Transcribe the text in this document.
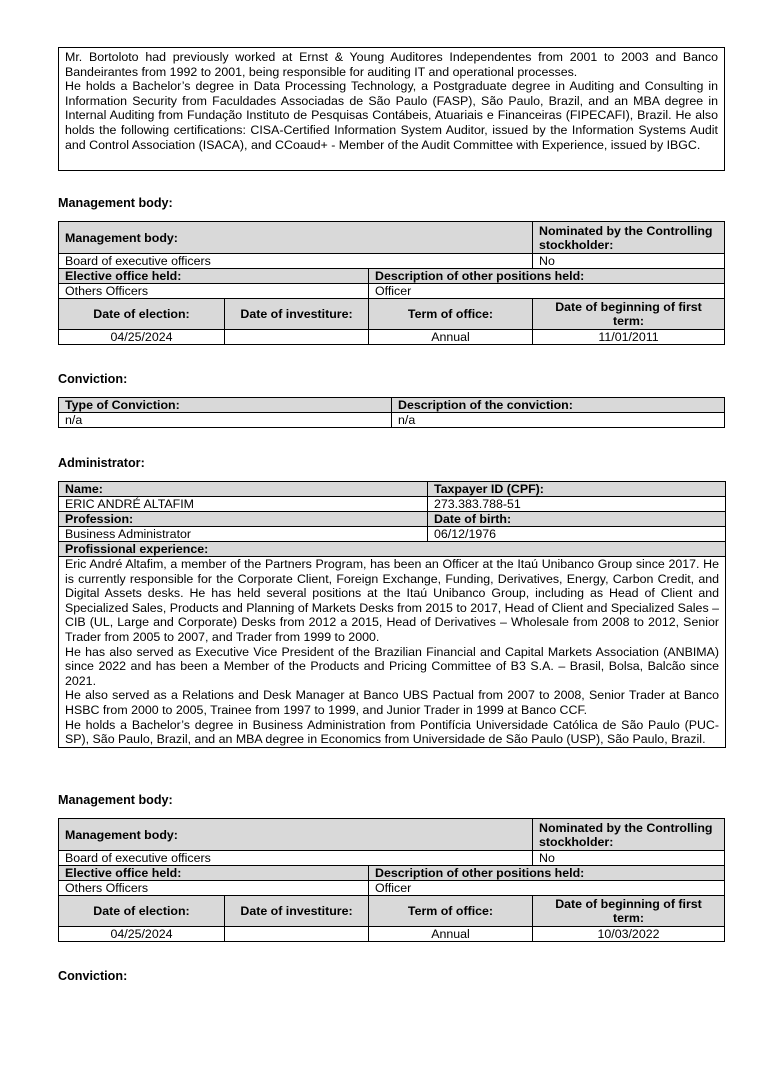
Mr. Bortoloto had previously worked at Ernst & Young Auditores Independentes from 2001 to 2003 and Banco Bandeirantes from 1992 to 2001, being responsible for auditing IT and operational processes.

He holds a Bachelor’s degree in Data Processing Technology, a Postgraduate degree in Auditing and Consulting in Information Security from Faculdades Associadas de São Paulo (FASP), São Paulo, Brazil, and an MBA degree in Internal Auditing from Fundação Instituto de Pesquisas Contábeis, Atuariais e Financeiras (FIPECAFI), Brazil. He also holds the following certifications: CISA-Certified Information System Auditor, issued by the Information Systems Audit and Control Association (ISACA), and CCoaud+ - Member of the Audit Committee with Experience, issued by IBGC.

Management body:
Management body:			Nominated by the Controlling stockholder:
Board of executive officers			No
Elective office held:		Description of other positions held:	
Others Officers		Officer	
Date of election:	Date of investiture:	Term of office:	Date of beginning of first term:
04/25/2024		Annual	11/01/2011
Conviction:
Type of Conviction:	Description of the conviction:
n/a	n/a
Administrator:
Name:	Taxpayer ID (CPF):
ERIC ANDRÉ ALTAFIM	273.383.788-51
Profession:	Date of birth:
Business Administrator	06/12/1976
Profissional experience:	

Eric André Altafim, a member of the Partners Program, has been an Officer at the Itaú Unibanco Group since 2017. He is currently responsible for the Corporate Client, Foreign Exchange, Funding, Derivatives, Energy, Carbon Credit, and Digital Assets desks. He has held several positions at the Itaú Unibanco Group, including as Head of Client and Specialized Sales, Products and Planning of Markets Desks from 2015 to 2017, Head of Client and Specialized Sales – CIB (UL, Large and Corporate) Desks from 2012 a 2015, Head of Derivatives – Wholesale from 2008 to 2012, Senior Trader from 2005 to 2007, and Trader from 1999 to 2000.

He has also served as Executive Vice President of the Brazilian Financial and Capital Markets Association (ANBIMA) since 2022 and has been a Member of the Products and Pricing Committee of B3 S.A. – Brasil, Bolsa, Balcão since 2021.

He also served as a Relations and Desk Manager at Banco UBS Pactual from 2007 to 2008, Senior Trader at Banco HSBC from 2000 to 2005, Trainee from 1997 to 1999, and Junior Trader in 1999 at Banco CCF.

He holds a Bachelor’s degree in Business Administration from Pontifícia Universidade Católica de São Paulo (PUC-SP), São Paulo, Brazil, and an MBA degree in Economics from Universidade de São Paulo (USP), São Paulo, Brazil.	

Management body:
Management body:			Nominated by the Controlling stockholder:
Board of executive officers			No
Elective office held:		Description of other positions held:	
Others Officers		Officer	
Date of election:	Date of investiture:	Term of office:	Date of beginning of first term:
04/25/2024		Annual	10/03/2022
Conviction:
